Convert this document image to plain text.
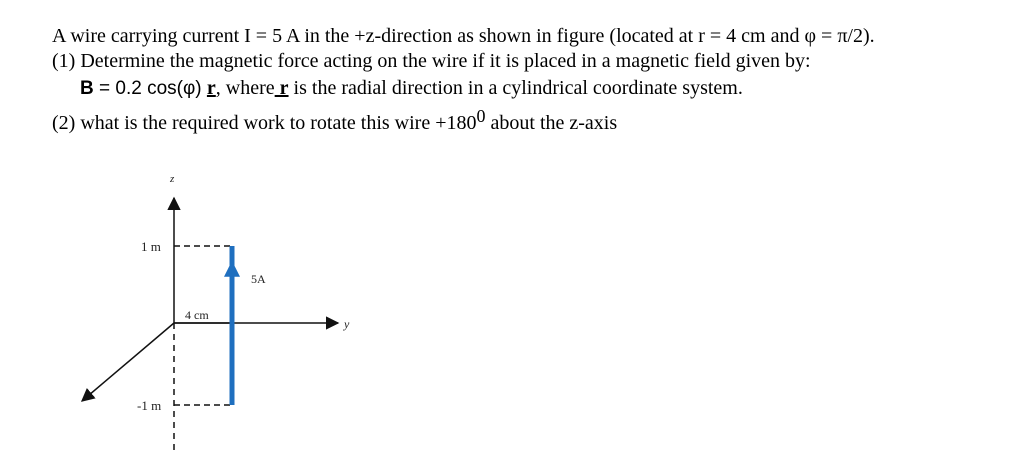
A wire carrying current I = 5 A in the +z-direction as shown in figure (located at r = 4 cm and φ = π/2).
(1) Determine the magnetic force acting on the wire if it is placed in a magnetic field given by:
B = 0.2 cos(φ) r, where r is the radial direction in a cylindrical coordinate system.
(2) what is the required work to rotate this wire $+180^0$ about the z-axis
z
y
1 m
-1 m
4 cm
5A
